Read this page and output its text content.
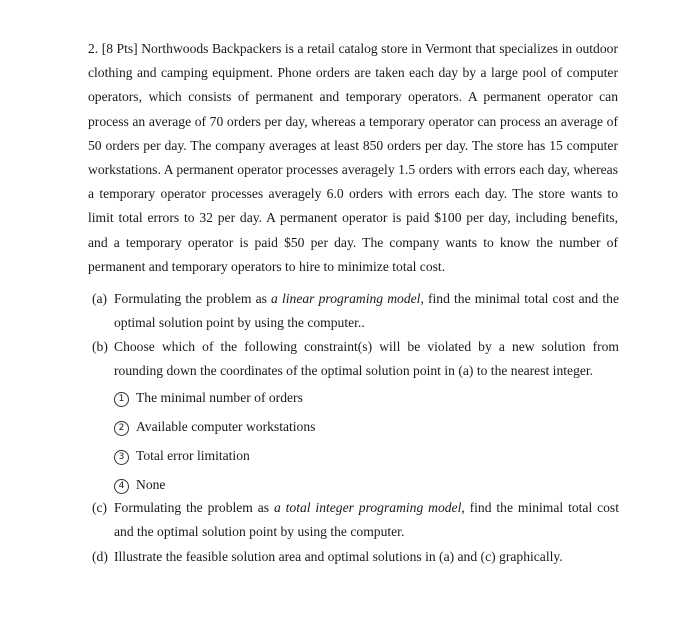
2. [8 Pts] Northwoods Backpackers is a retail catalog store in Vermont that specializes in outdoor clothing and camping equipment. Phone orders are taken each day by a large pool of computer operators, which consists of permanent and temporary operators. A permanent operator can process an average of 70 orders per day, whereas a temporary operator can process an average of 50 orders per day. The company averages at least 850 orders per day. The store has 15 computer workstations. A permanent operator processes averagely 1.5 orders with errors each day, whereas a temporary operator processes averagely 6.0 orders with errors each day. The store wants to limit total errors to 32 per day. A permanent operator is paid $100 per day, including benefits, and a temporary operator is paid $50 per day. The company wants to know the number of permanent and temporary operators to hire to minimize total cost.
(a) Formulating the problem as a linear programing model, find the minimal total cost and the optimal solution point by using the computer..
(b) Choose which of the following constraint(s) will be violated by a new solution from rounding down the coordinates of the optimal solution point in (a) to the nearest integer.
1 The minimal number of orders
2 Available computer workstations
3 Total error limitation
4 None
(c) Formulating the problem as a total integer programing model, find the minimal total cost and the optimal solution point by using the computer.
(d) Illustrate the feasible solution area and optimal solutions in (a) and (c) graphically.
